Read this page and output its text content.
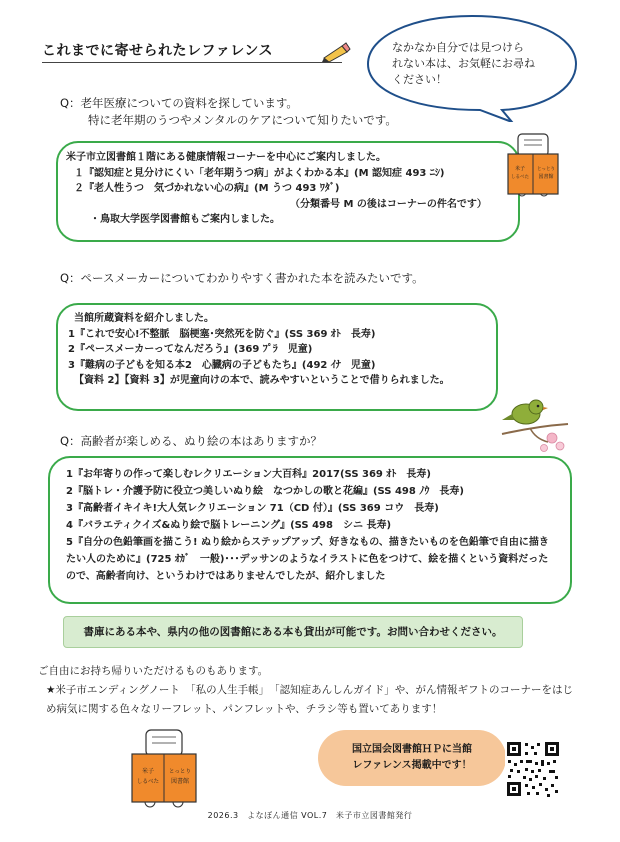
これまでに寄せられたレファレンス	なかなか自分では見つけら
れない本は、お気軽にお尋ね
ください！
Q：老年医療についての資料を探しています。
特に老年期のうつやメンタルのケアについて知りたいです。
米子市立図書館１階にある健康情報コーナーを中心にご案内しました。
１『認知症と見分けにくい「老年期うつ病」がよくわかる本』(M 認知症 493 ﾆｼ)
２『老人性うつ　気づかれない心の病』(M うつ 493 ﾜﾀﾞ)
（分類番号 M の後はコーナーの件名です）
・鳥取大学医学図書館もご案内しました。
米子
しるべた
とっとり
図書館
Q：ペースメーカーについてわかりやすく書かれた本を読みたいです。
当館所蔵資料を紹介しました。
1『これで安心!不整脈　脳梗塞･突然死を防ぐ』(SS 369 ｵﾄ　長寿)
2『ペースメーカーってなんだろう』(369 ﾌﾟﾗ　児童)
3『難病の子どもを知る本2　心臓病の子どもたち』(492 ｲﾅ　児童)
【資料 2】【資料 3】が児童向けの本で、読みやすいということで借りられました。
Q：高齢者が楽しめる、ぬり絵の本はありますか？
1『お年寄りの作って楽しむレクリエーション大百科』2017(SS 369 ｵﾄ　長寿)
2『脳トレ・介護予防に役立つ美しいぬり絵　なつかしの歌と花編』(SS 498 ﾉｳ　長寿)
3『高齢者イキイキ!大人気レクリエーション 71（CD 付）』(SS 369 コウ　長寿)
4『バラエティクイズ&ぬり絵で脳トレーニング』(SS 498　シニ 長寿)
5『自分の色鉛筆画を描こう! ぬり絵からステップアップ、好きなもの、描きたいものを色鉛筆で自由に描きたい人のために』(725 ｵｶﾞ　一般)･･･デッサンのようなイラストに色をつけて、絵を描くという資料だったので、高齢者向け、というわけではありませんでしたが、紹介しました
書庫にある本や、県内の他の図書館にある本も貸出が可能です。お問い合わせください。
ご自由にお持ち帰りいただけるものもあります。
★米子市エンディングノート　「私の人生手帳」　「認知症あんしんガイド」や、がん情報ギフトのコーナーをはじめ病気に関する色々なリーフレット、パンフレットや、チラシ等も置いてあります！
米子
しるべた
とっとり
図書館
国立国会図書館ＨＰに当館
レファレンス掲載中です！
2026.3　よなぼん通信 VOL.7　米子市立図書館発行
